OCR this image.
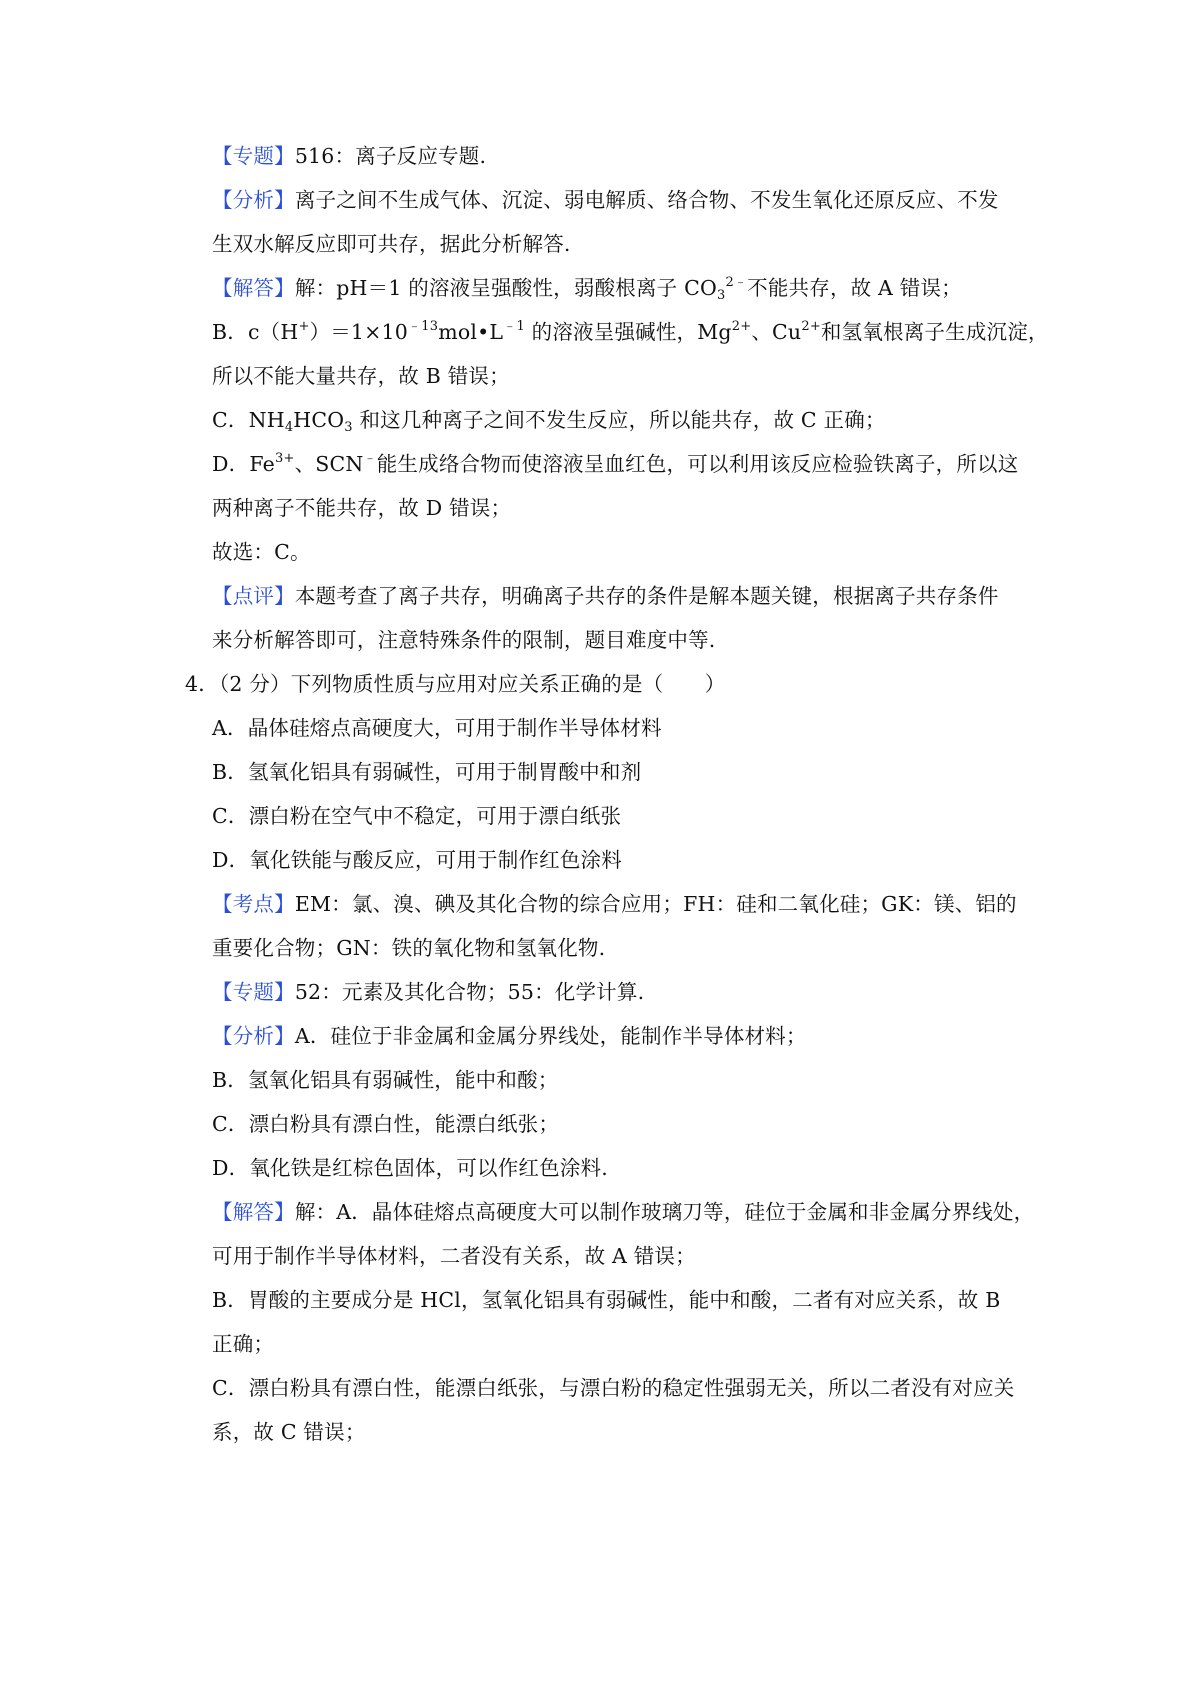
【专题】516：离子反应专题.
【分析】离子之间不生成气体、沉淀、弱电解质、络合物、不发生氧化还原反应、不发
生双水解反应即可共存，据此分析解答.
【解答】解：pH＝1 的溶液呈强酸性，弱酸根离子 $CO_3^{2﹣}$不能共存，故 A 错误；
B．$c(H^+)=1\times 10^{﹣13}mol•L^{﹣1}$ 的溶液呈强碱性，$Mg^{2+}$、$Cu^{2+}$和氢氧根离子生成沉淀，
所以不能大量共存，故 B 错误；
C．$NH_4HCO_3$ 和这几种离子之间不发生反应，所以能共存，故 C 正确；
D．$Fe^{3+}$、SCN﹣能生成络合物而使溶液呈血红色，可以利用该反应检验铁离子，所以这
两种离子不能共存，故 D 错误；
故选：C。
【点评】本题考查了离子共存，明确离子共存的条件是解本题关键，根据离子共存条件
来分析解答即可，注意特殊条件的限制，题目难度中等.
4．（2 分）下列物质性质与应用对应关系正确的是（　　）
A．晶体硅熔点高硬度大，可用于制作半导体材料
B．氢氧化铝具有弱碱性，可用于制胃酸中和剂
C．漂白粉在空气中不稳定，可用于漂白纸张
D．氧化铁能与酸反应，可用于制作红色涂料
【考点】EM：氯、溴、碘及其化合物的综合应用；FH：硅和二氧化硅；GK：镁、铝的
重要化合物；GN：铁的氧化物和氢氧化物.
【专题】52：元素及其化合物；55：化学计算.
【分析】A．硅位于非金属和金属分界线处，能制作半导体材料；
B．氢氧化铝具有弱碱性，能中和酸；
C．漂白粉具有漂白性，能漂白纸张；
D．氧化铁是红棕色固体，可以作红色涂料.
【解答】解：A．晶体硅熔点高硬度大可以制作玻璃刀等，硅位于金属和非金属分界线处，
可用于制作半导体材料，二者没有关系，故 A 错误；
B．胃酸的主要成分是 HCl，氢氧化铝具有弱碱性，能中和酸，二者有对应关系，故 B
正确；
C．漂白粉具有漂白性，能漂白纸张，与漂白粉的稳定性强弱无关，所以二者没有对应关
系，故 C 错误；
